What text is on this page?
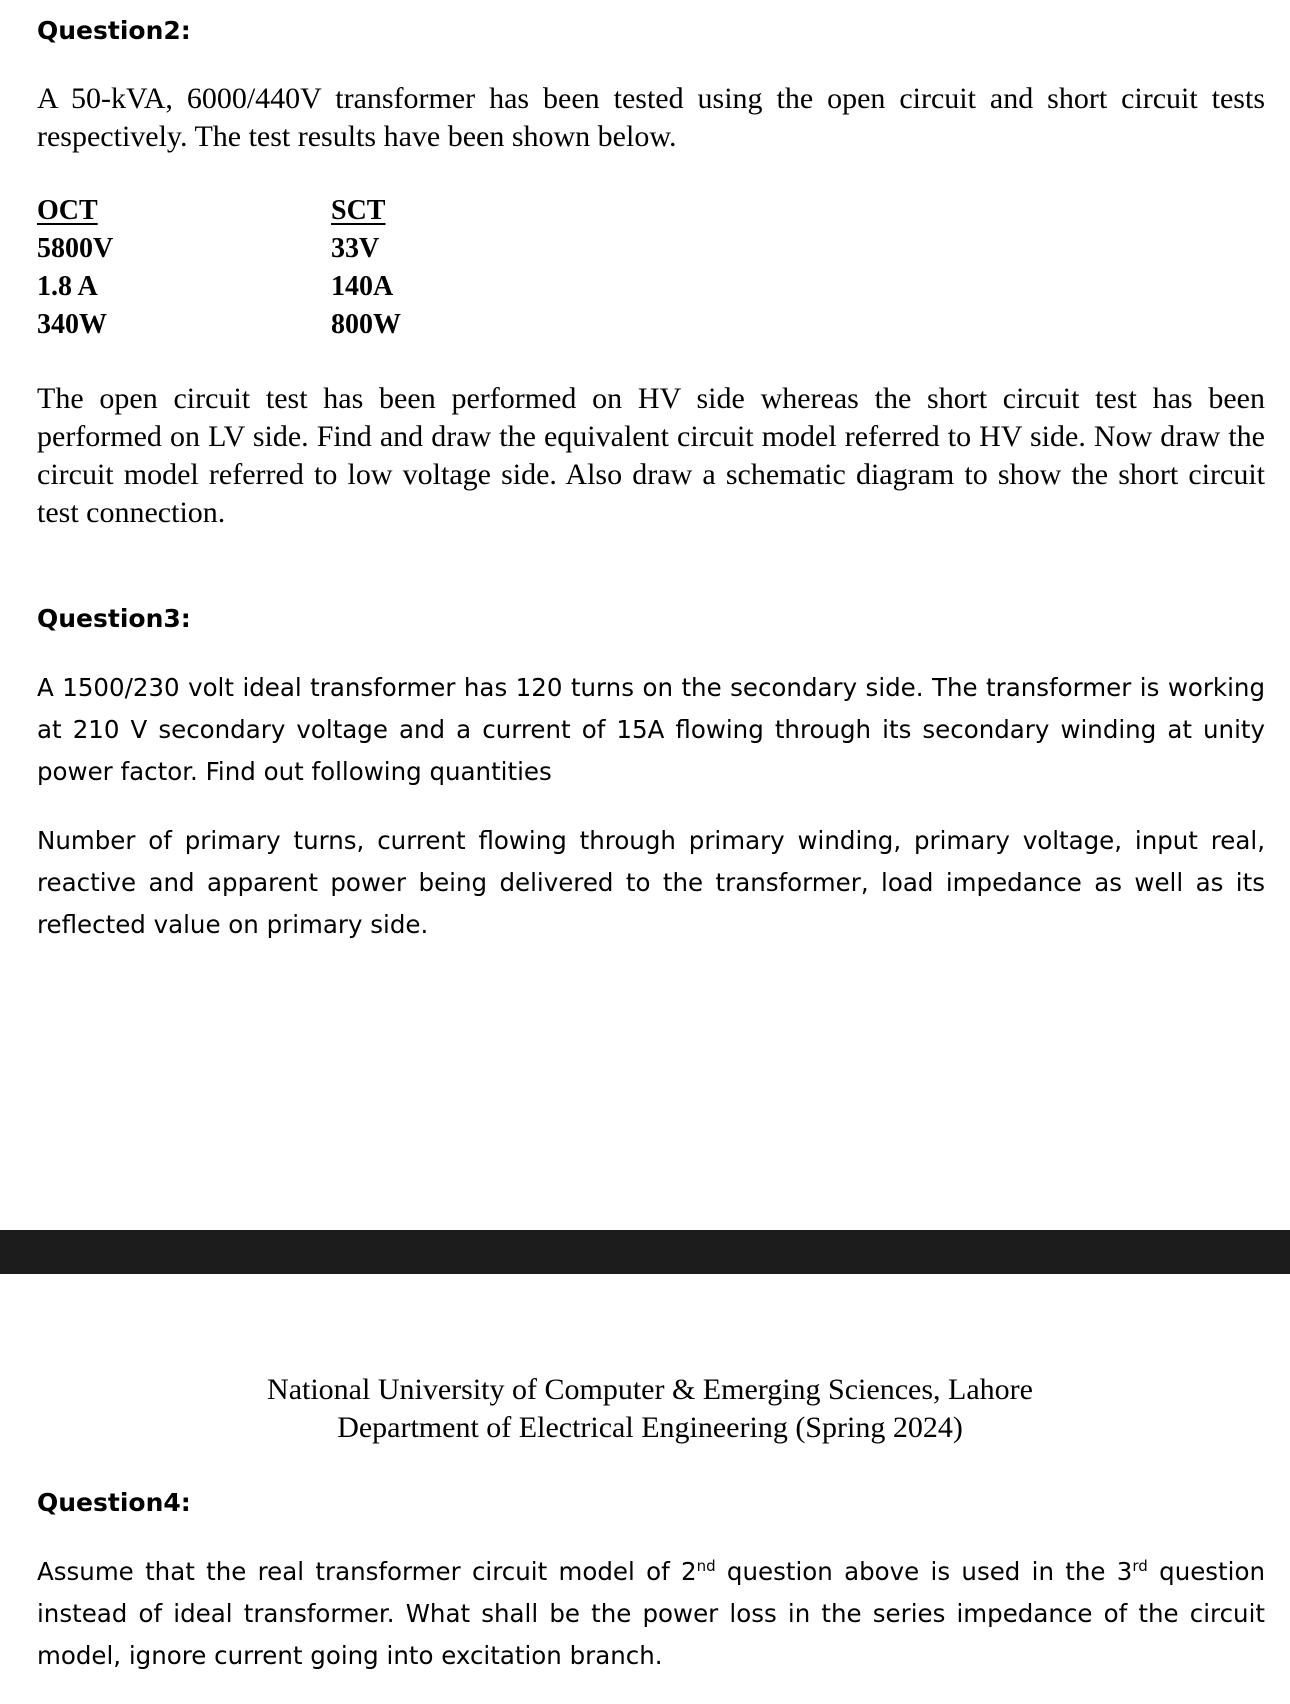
Question2:

A 50-kVA, 6000/440V transformer has been tested using the open circuit and short circuit tests respectively. The test results have been shown below.

OCT
5800V
1.8 A
340W
SCT
33V
140A
800W

The open circuit test has been performed on HV side whereas the short circuit test has been performed on LV side. Find and draw the equivalent circuit model referred to HV side. Now draw the circuit model referred to low voltage side. Also draw a schematic diagram to show the short circuit test connection.

Question3:

A 1500/230 volt ideal transformer has 120 turns on the secondary side. The transformer is working at 210 V secondary voltage and a current of 15A flowing through its secondary winding at unity power factor. Find out following quantities

Number of primary turns, current flowing through primary winding, primary voltage, input real, reactive and apparent power being delivered to the transformer, load impedance as well as its reflected value on primary side.

National University of Computer & Emerging Sciences, Lahore
Department of Electrical Engineering (Spring 2024)
Question4:

Assume that the real transformer circuit model of 2nd question above is used in the 3rd question instead of ideal transformer. What shall be the power loss in the series impedance of the circuit model, ignore current going into excitation branch.
